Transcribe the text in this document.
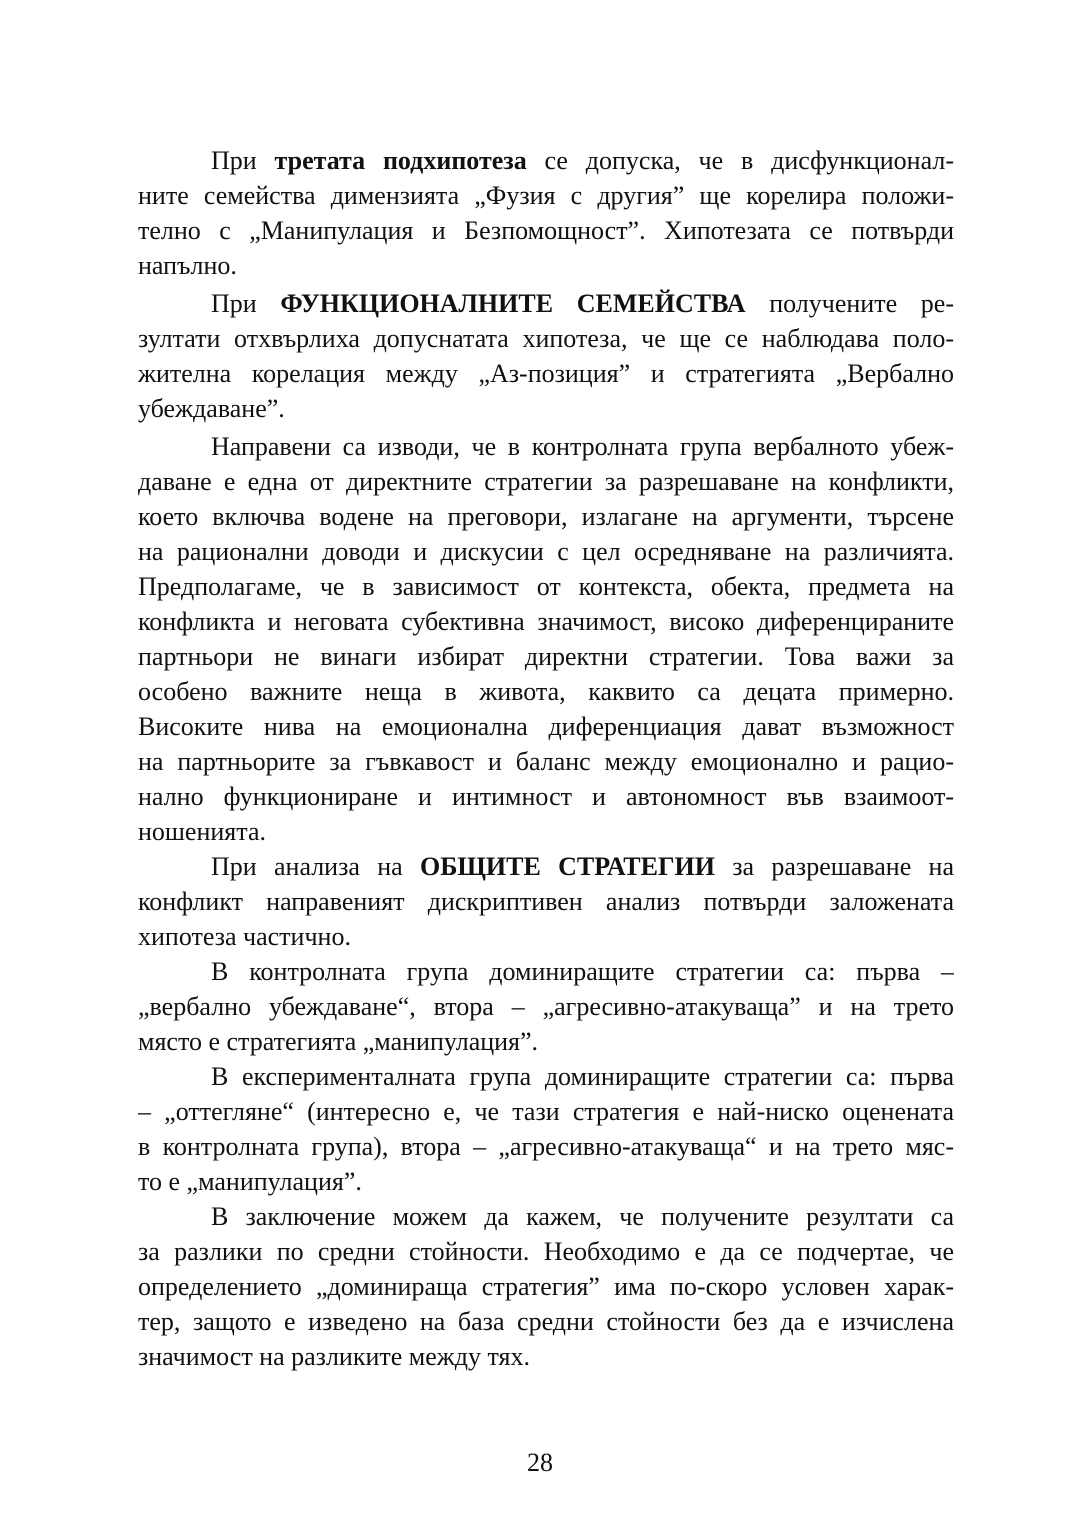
При третата подхипотеза се допуска, че в дисфункционал-
ните семейства димензията „Фузия с другия” ще корелира положи-
телно с „Манипулация и Безпомощност”. Хипотезата се потвърди
напълно.
При ФУНКЦИОНАЛНИТЕ СЕМЕЙСТВА получените ре-
зултати отхвърлиха допуснатата хипотеза, че ще се наблюдава поло-
жителна корелация между „Аз-позиция” и стратегията „Вербално
убеждаване”.
Направени са изводи, че в контролната група вербалното убеж-
даване е една от директните стратегии за разрешаване на конфликти,
което включва водене на преговори, излагане на аргументи, търсене
на рационални доводи и дискусии с цел осредняване на различията.
Предполагаме, че в зависимост от контекста, обекта, предмета на
конфликта и неговата субективна значимост, високо диференцираните
партньори не винаги избират директни стратегии. Това важи за
особено важните неща в живота, каквито са децата примерно.
Високите нива на емоционална диференциация дават възможност
на партньорите за гъвкавост и баланс между емоционално и рацио-
нално функциониране и интимност и автономност във взаимоот-
ношенията.
При анализа на ОБЩИТЕ СТРАТЕГИИ за разрешаване на
конфликт направеният дискриптивен анализ потвърди заложената
хипотеза частично.
В контролната група доминиращите стратегии са: първа –
„вербално убеждаване“, втора – „агресивно-атакуваща” и на трето
място е стратегията „манипулация”.
В експерименталната група доминиращите стратегии са: първа
– „оттегляне“ (интересно е, че тази стратегия е най-ниско оценената
в контролната група), втора – „агресивно-атакуваща“ и на трето мяс-
то е „манипулация”.
В заключение можем да кажем, че получените резултати са
за разлики по средни стойности. Необходимо е да се подчертае, че
определението „доминираща стратегия” има по-скоро условен харак-
тер, защото е изведено на база средни стойности без да е изчислена
значимост на разликите между тях.
28
